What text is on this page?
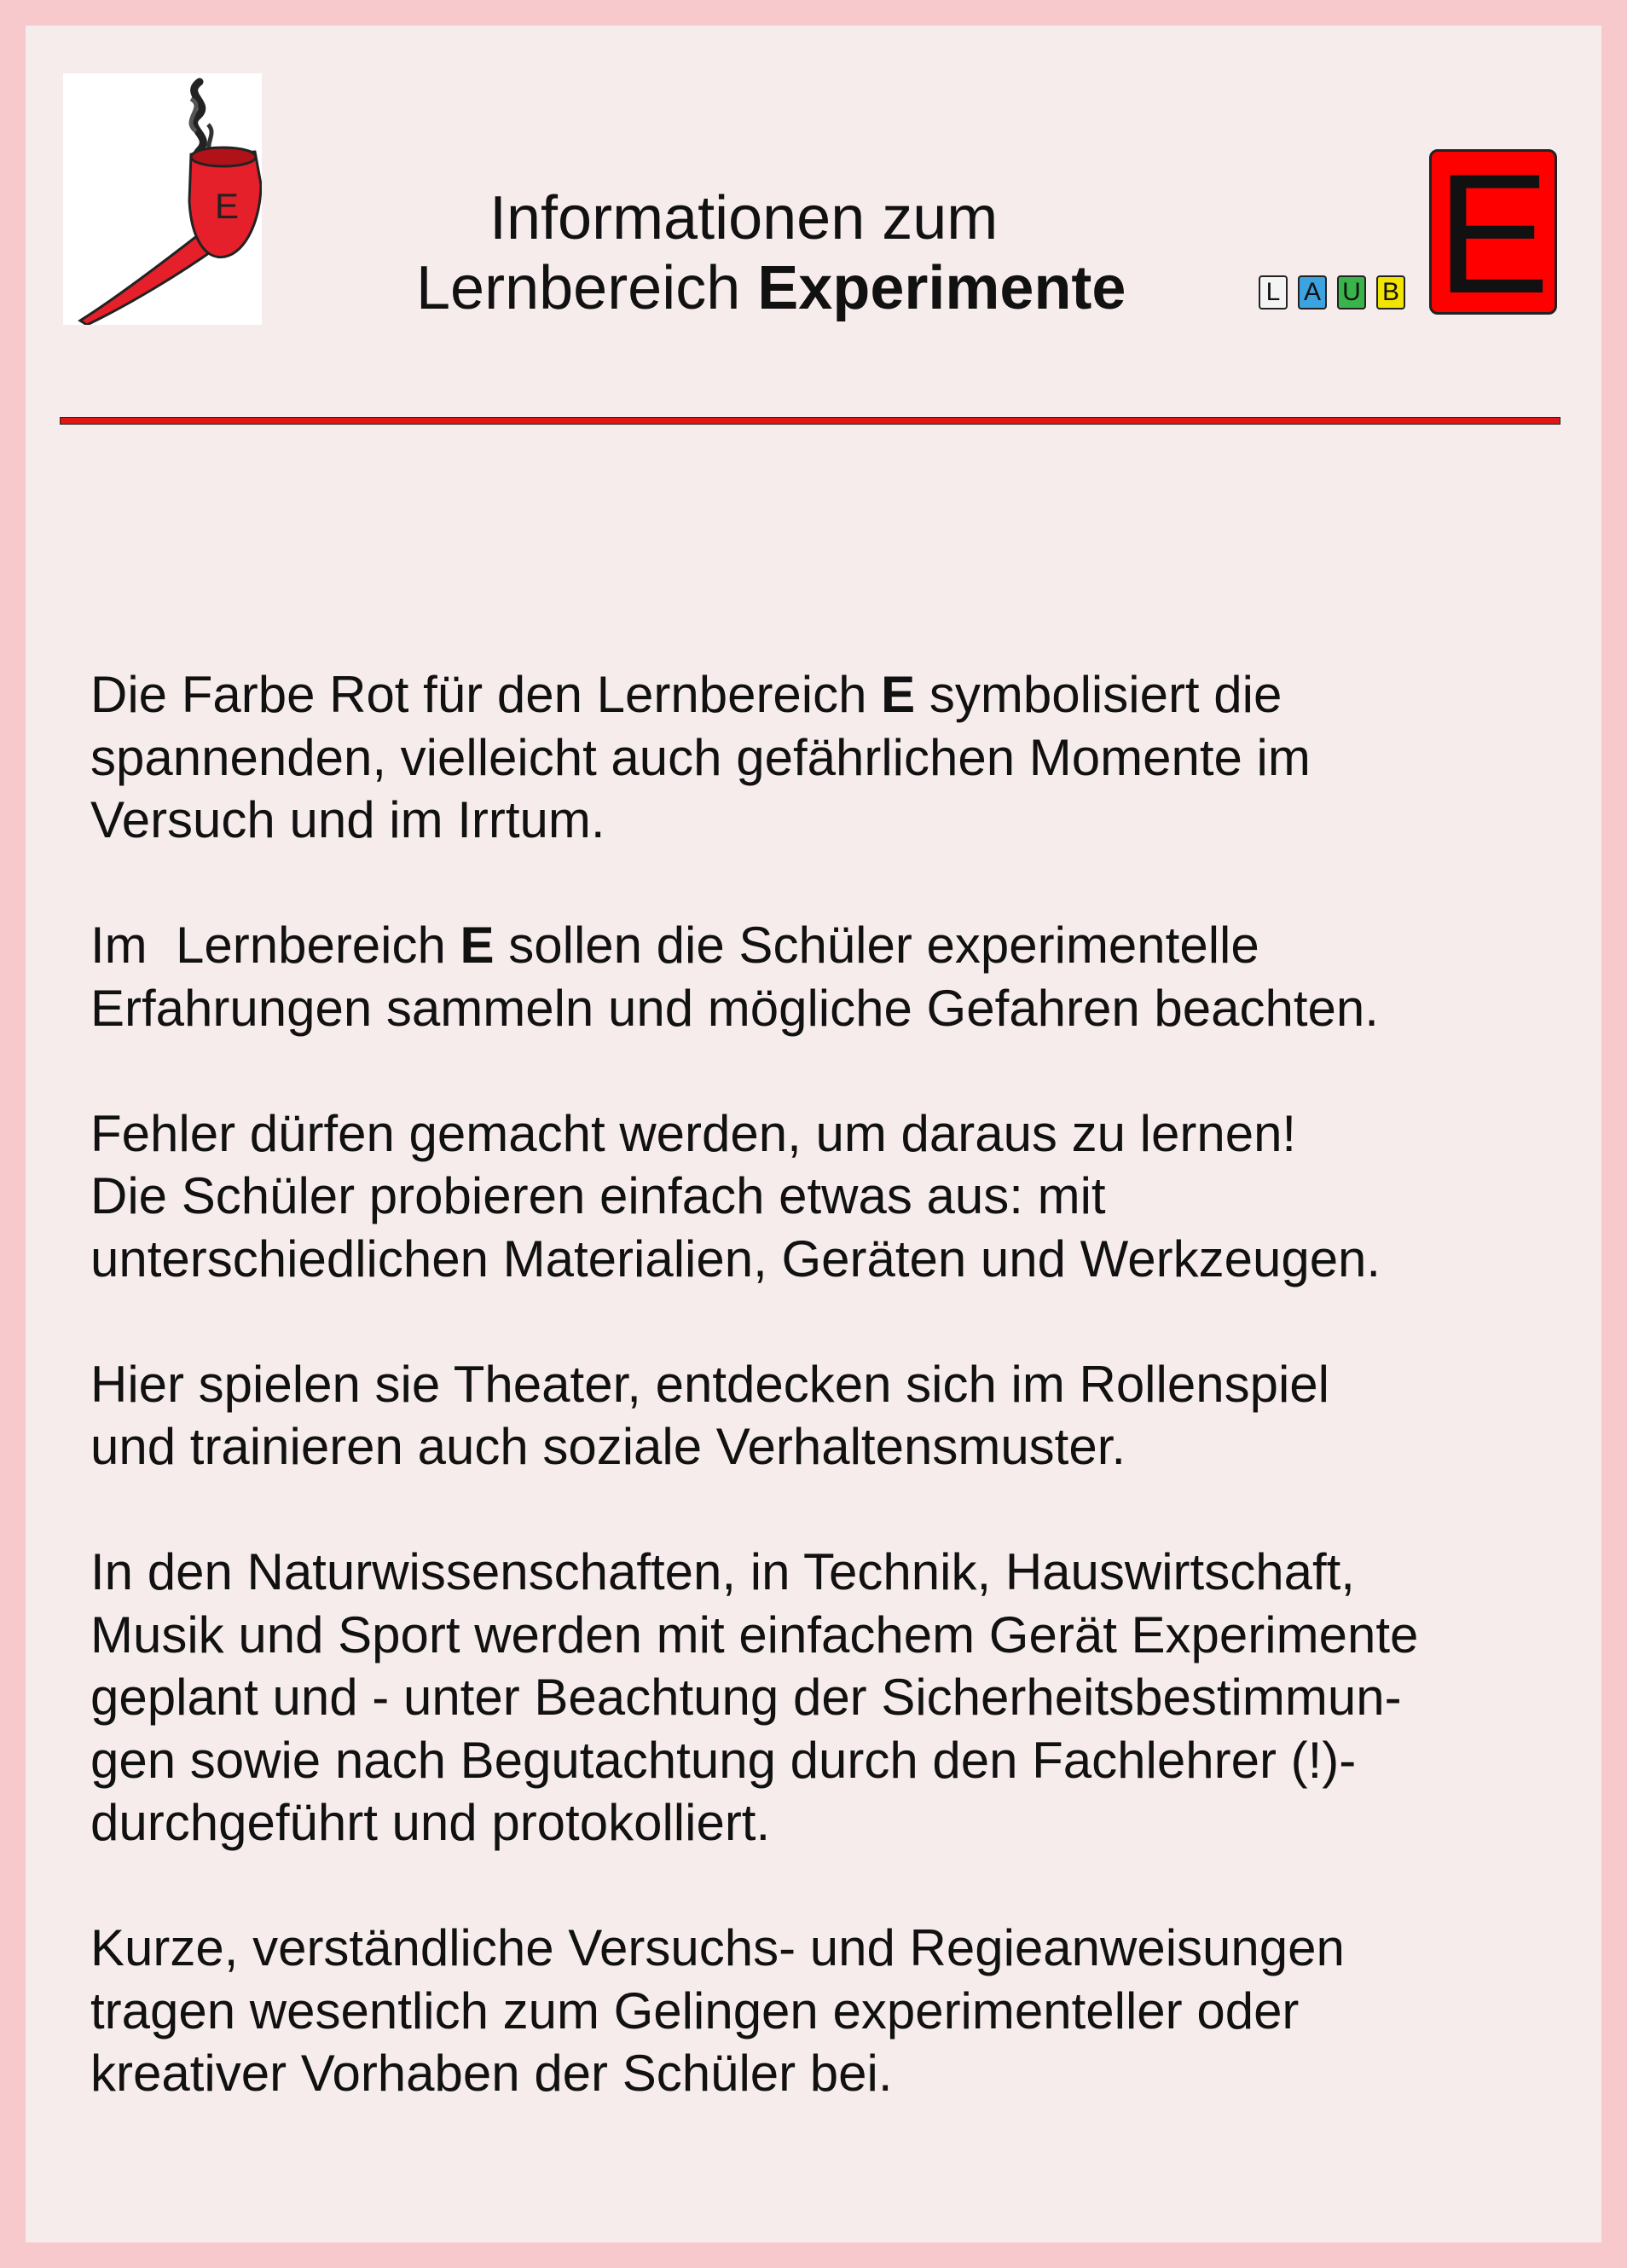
E	Informationen zum
Lernbereich Experimente	L A U B E
Die Farbe Rot für den Lernbereich E symbolisiert die
spannenden, vielleicht auch gefährlichen Momente im
Versuch und im Irrtum.
Im  Lernbereich E sollen die Schüler experimentelle
Erfahrungen sammeln und mögliche Gefahren beachten.
Fehler dürfen gemacht werden, um daraus zu lernen!
Die Schüler probieren einfach etwas aus: mit
unterschiedlichen Materialien, Geräten und Werkzeugen.
Hier spielen sie Theater, entdecken sich im Rollenspiel
und trainieren auch soziale Verhaltensmuster.
In den Naturwissenschaften, in Technik, Hauswirtschaft,
Musik und Sport werden mit einfachem Gerät Experimente
geplant und - unter Beachtung der Sicherheitsbestimmun-
gen sowie nach Begutachtung durch den Fachlehrer (!)-
durchgeführt und protokolliert.
Kurze, verständliche Versuchs- und Regieanweisungen
tragen wesentlich zum Gelingen experimenteller oder
kreativer Vorhaben der Schüler bei.
